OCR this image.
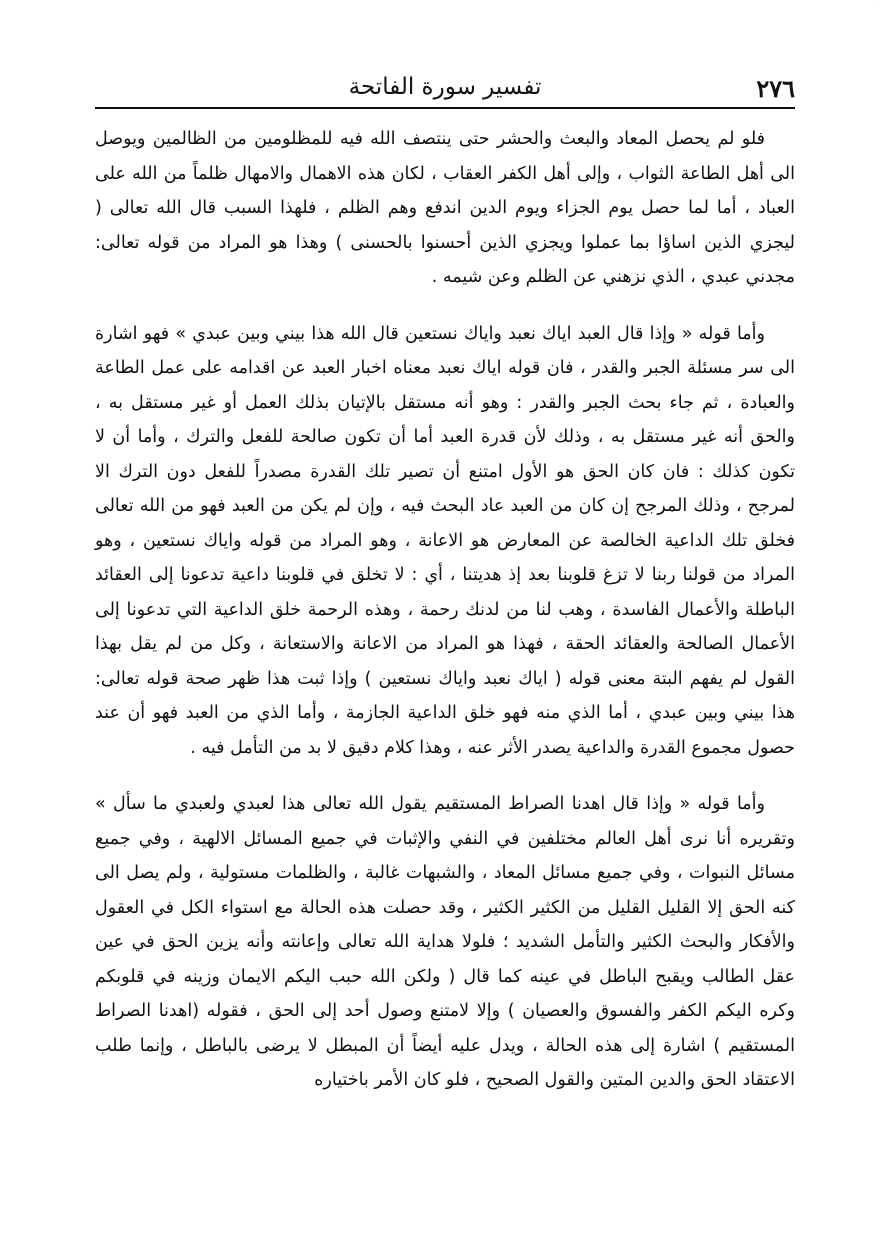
٢٧٦
تفسير سورة الفاتحة

فلو لم يحصل المعاد والبعث والحشر حتى ينتصف الله فيه للمظلومين من الظالمين ويوصل الى أهل الطاعة الثواب ، وإلى أهل الكفر العقاب ، لكان هذه الاهمال والامهال ظلماً من الله على العباد ، أما لما حصل يوم الجزاء ويوم الدين اندفع وهم الظلم ، فلهذا السبب قال الله تعالى ( ليجزي الذين اساؤا بما عملوا ويجزي الذين أحسنوا بالحسنى ) وهذا هو المراد من قوله تعالى: مجدني عبدي ، الذي نزهني عن الظلم وعن شيمه .

وأما قوله « وإذا قال العبد اياك نعبد واياك نستعين قال الله هذا بيني وبين عبدي » فهو اشارة الى سر مسئلة الجبر والقدر ، فان قوله اياك نعبد معناه اخبار العبد عن اقدامه على عمل الطاعة والعبادة ، ثم جاء بحث الجبر والقدر : وهو أنه مستقل بالإتيان بذلك العمل أو غير مستقل به ، والحق أنه غير مستقل به ، وذلك لأن قدرة العبد أما أن تكون صالحة للفعل والترك ، وأما أن لا تكون كذلك : فان كان الحق هو الأول امتنع أن تصير تلك القدرة مصدراً للفعل دون الترك الا لمرجح ، وذلك المرجح إن كان من العبد عاد البحث فيه ، وإن لم يكن من العبد فهو من الله تعالى فخلق تلك الداعية الخالصة عن المعارض هو الاعانة ، وهو المراد من قوله واياك نستعين ، وهو المراد من قولنا ربنا لا تزغ قلوبنا بعد إذ هديتنا ، أي : لا تخلق في قلوبنا داعية تدعونا إلى العقائد الباطلة والأعمال الفاسدة ، وهب لنا من لدنك رحمة ، وهذه الرحمة خلق الداعية التي تدعونا إلى الأعمال الصالحة والعقائد الحقة ، فهذا هو المراد من الاعانة والاستعانة ، وكل من لم يقل بهذا القول لم يفهم البتة معنى قوله ( اياك نعبد واياك نستعين ) وإذا ثبت هذا ظهر صحة قوله تعالى: هذا بيني وبين عبدي ، أما الذي منه فهو خلق الداعية الجازمة ، وأما الذي من العبد فهو أن عند حصول مجموع القدرة والداعية يصدر الأثر عنه ، وهذا كلام دقيق لا بد من التأمل فيه .

وأما قوله « وإذا قال اهدنا الصراط المستقيم يقول الله تعالى هذا لعبدي ولعبدي ما سأل » وتقريره أنا نرى أهل العالم مختلفين في النفي والإثبات في جميع المسائل الالهية ، وفي جميع مسائل النبوات ، وفي جميع مسائل المعاد ، والشبهات غالبة ، والظلمات مستولية ، ولم يصل الى كنه الحق إلا القليل القليل من الكثير الكثير ، وقد حصلت هذه الحالة مع استواء الكل في العقول والأفكار والبحث الكثير والتأمل الشديد ؛ فلولا هداية الله تعالى وإعانته وأنه يزين الحق في عين عقل الطالب ويقبح الباطل في عينه كما قال ( ولكن الله حبب اليكم الايمان وزينه في قلوبكم وكره اليكم الكفر والفسوق والعصيان ) وإلا لامتنع وصول أحد إلى الحق ، فقوله (اهدنا الصراط المستقيم ) اشارة إلى هذه الحالة ، ويدل عليه أيضاً أن المبطل لا يرضى بالباطل ، وإنما طلب الاعتقاد الحق والدين المتين والقول الصحيح ، فلو كان الأمر باختياره
